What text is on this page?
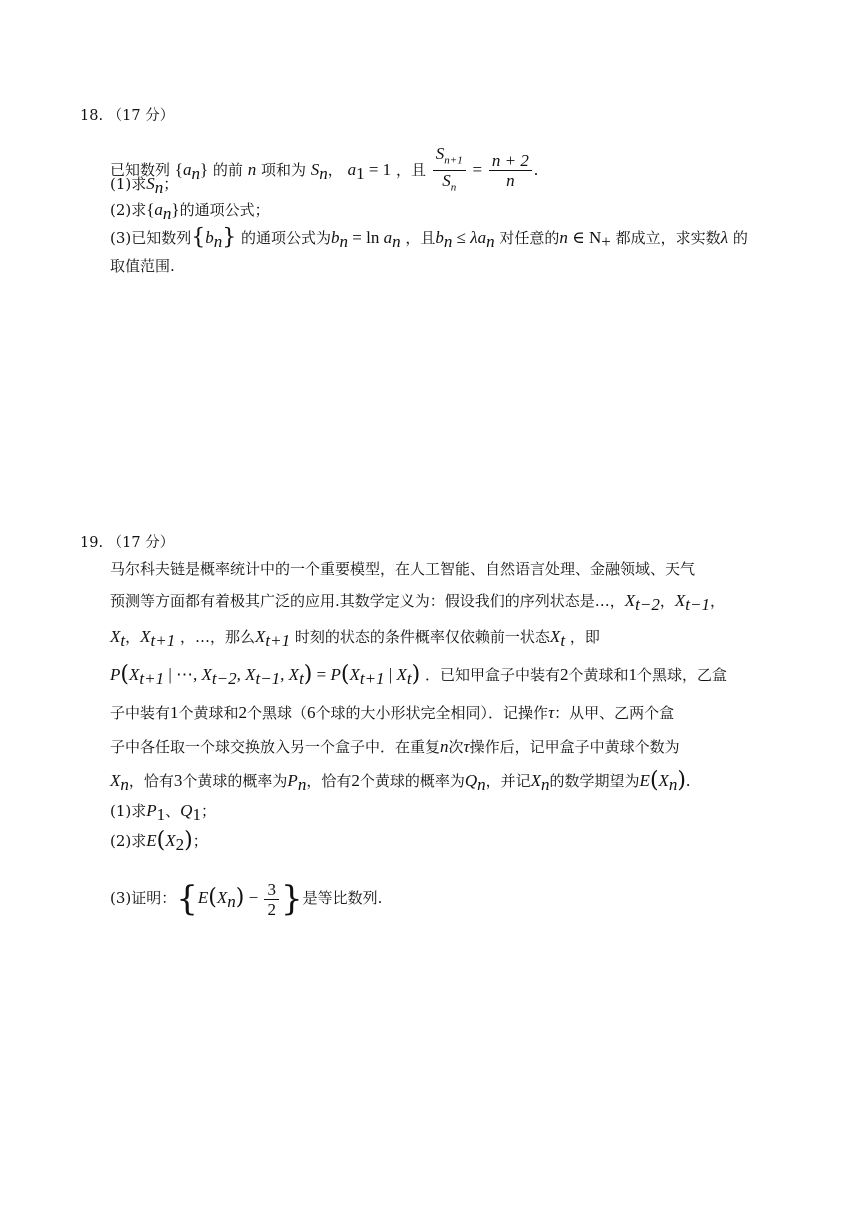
18. （17 分）
已知数列 $\{a_n\}$ 的前 n 项和为 $S_n$， $a_1 = 1$ ，且 $\frac{S_{n+1}}{S_n} = \frac{n + 2}{n}$ .
(1)求$S_n$；
(2)求$\{a_n\}$的通项公式；
(3)已知数列$\{b_n\}$ 的通项公式为$b_n = \ln a_n$ ，且$b_n \le \lambda a_n$ 对任意的n ∈ $N_+$ 都成立，求实数λ 的
取值范围.
19. （17 分）
马尔科夫链是概率统计中的一个重要模型，在人工智能、自然语言处理、金融领域、天气
预测等方面都有着极其广泛的应用.其数学定义为：假设我们的序列状态是…，$X_{t-2}$，$X_{t-1}$，
$X_t$，$X_{t+1}$ ，…，那么$X_{t+1}$ 时刻的状态的条件概率仅依赖前一状态$X_t$ ，即
$P(X_{t+1}$ | ⋯, $X_{t-2}$, $X_{t-1}$, $X_t) = P(X_{t+1}$ | $X_t$) ．已知甲盒子中装有2个黄球和1个黑球，乙盒
子中装有1个黄球和2个黑球（6个球的大小形状完全相同）．记操作τ：从甲、乙两个盒
子中各任取一个球交换放入另一个盒子中．在重复n次τ操作后，记甲盒子中黄球个数为
$X_n$，恰有3个黄球的概率为$P_n$，恰有2个黄球的概率为$Q_n$，并记$X_n$的数学期望为$E(X_n)$.
(1)求$P_1$、$Q_1$；
(2)求$E(X_2)$；
(3)证明：{$E(X_n) - \frac{3}{2}$ }是等比数列.
